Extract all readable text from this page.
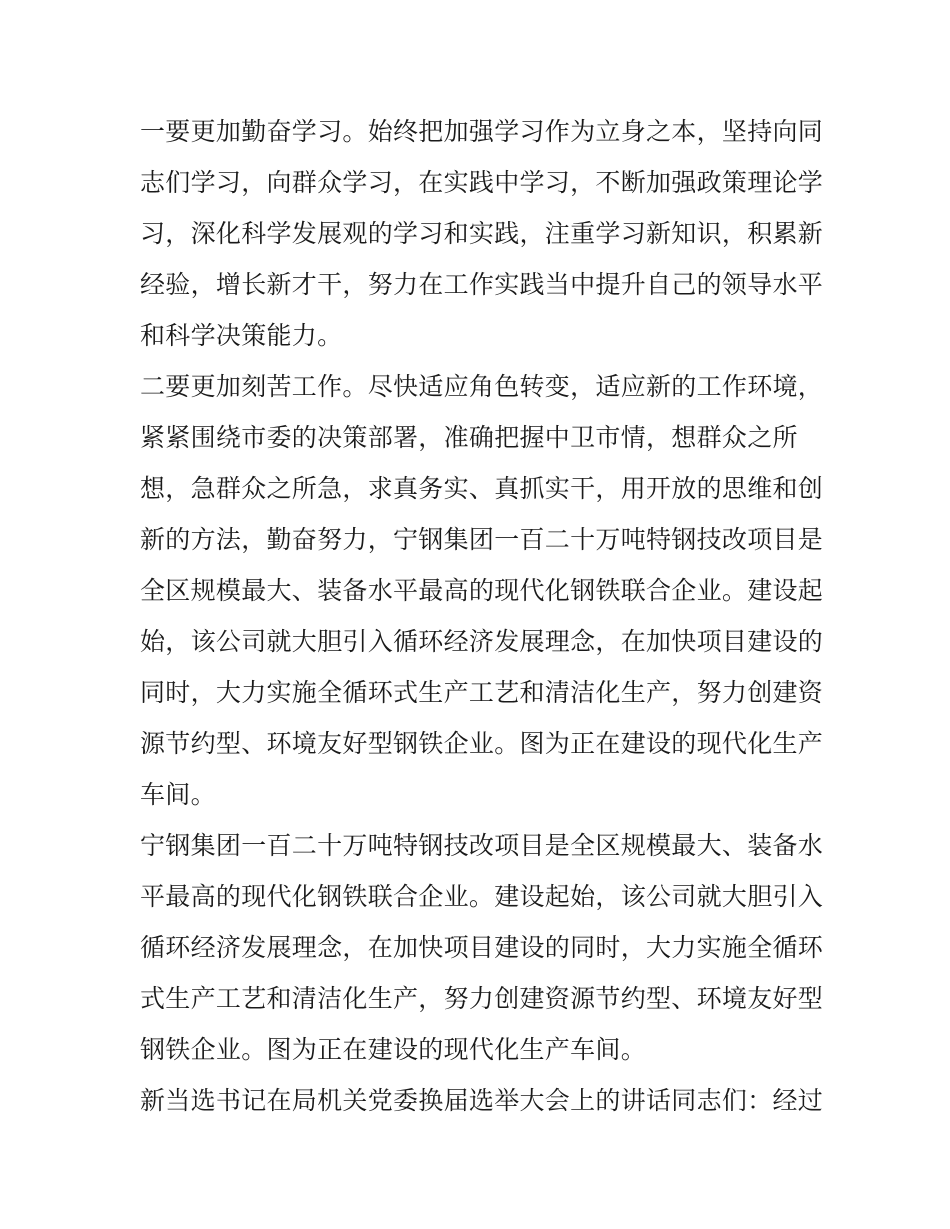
一要更加勤奋学习。始终把加强学习作为立身之本，坚持向同
志们学习，向群众学习，在实践中学习，不断加强政策理论学
习，深化科学发展观的学习和实践，注重学习新知识，积累新
经验，增长新才干，努力在工作实践当中提升自己的领导水平
和科学决策能力。
二要更加刻苦工作。尽快适应角色转变，适应新的工作环境，
紧紧围绕市委的决策部署，准确把握中卫市情，想群众之所
想，急群众之所急，求真务实、真抓实干，用开放的思维和创
新的方法，勤奋努力，宁钢集团一百二十万吨特钢技改项目是
全区规模最大、装备水平最高的现代化钢铁联合企业。建设起
始，该公司就大胆引入循环经济发展理念，在加快项目建设的
同时，大力实施全循环式生产工艺和清洁化生产，努力创建资
源节约型、环境友好型钢铁企业。图为正在建设的现代化生产
车间。
宁钢集团一百二十万吨特钢技改项目是全区规模最大、装备水
平最高的现代化钢铁联合企业。建设起始，该公司就大胆引入
循环经济发展理念，在加快项目建设的同时，大力实施全循环
式生产工艺和清洁化生产，努力创建资源节约型、环境友好型
钢铁企业。图为正在建设的现代化生产车间。
新当选书记在局机关党委换届选举大会上的讲话同志们：经过
